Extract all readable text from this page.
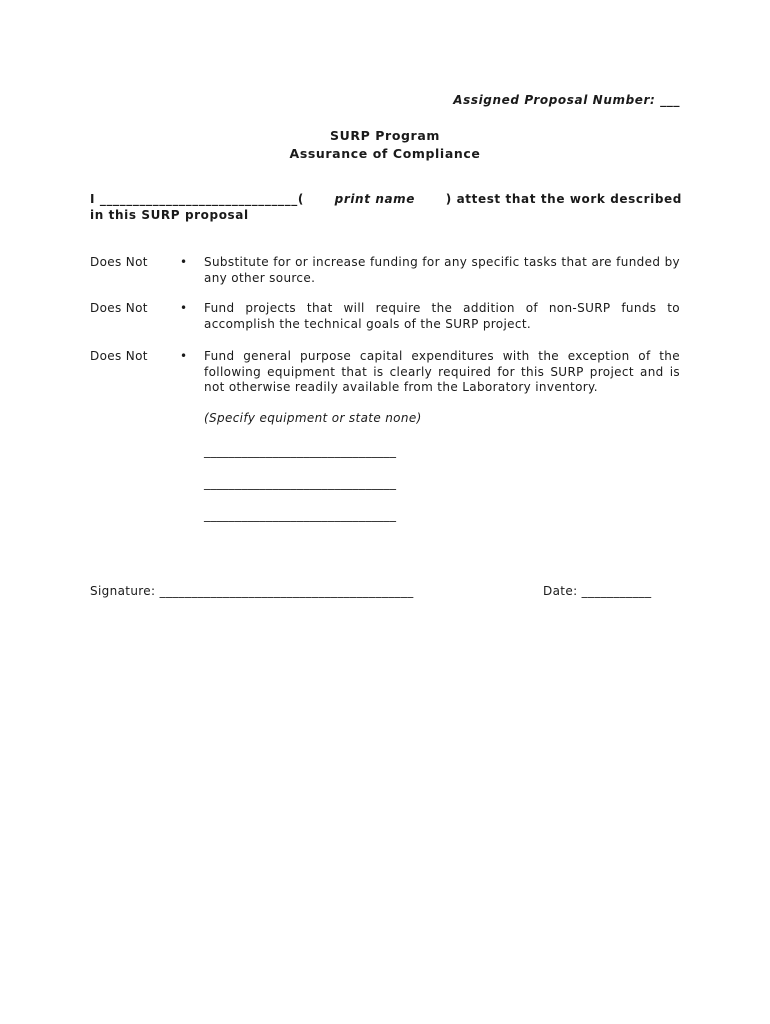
Assigned Proposal Number: ___
SURP Program
Assurance of Compliance
I ______________________________(	print name	) attest that the work described
in this SURP proposal
Does Not	• Substitute for or increase funding for any specific tasks that are funded by any other source.

Does Not	• Fund projects that will require the addition of non-SURP funds to accomplish the technical goals of the SURP project.

Does Not	• Fund general purpose capital expenditures with the exception of the following equipment that is clearly required for this SURP project and is not otherwise readily available from the Laboratory inventory.

(Specify equipment or state none)
_______________________________
_______________________________
_______________________________
Signature: ________________________________________	Date: ___________
